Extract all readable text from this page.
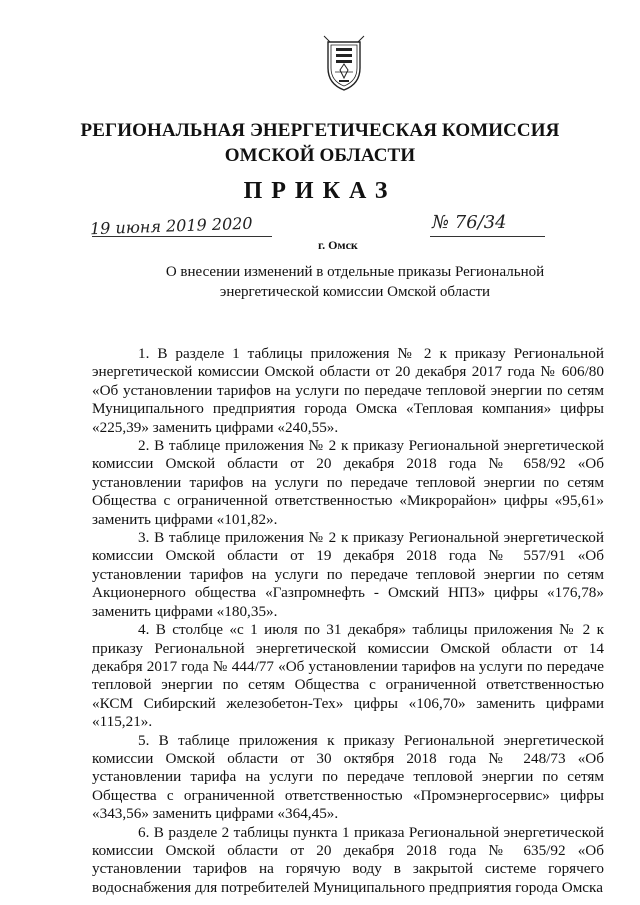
РЕГИОНАЛЬНАЯ ЭНЕРГЕТИЧЕСКАЯ КОМИССИЯ
ОМСКОЙ ОБЛАСТИ
ПРИКАЗ
19 июня 2019 2020	№ 76/34
г. Омск
О внесении изменений в отдельные приказы Региональной
энергетической комиссии Омской области

1. В разделе 1 таблицы приложения № 2 к приказу Региональной энергетической комиссии Омской области от 20 декабря 2017 года № 606/80 «Об установлении тарифов на услуги по передаче тепловой энергии по сетям Муниципального предприятия города Омска «Тепловая компания» цифры «225,39» заменить цифрами «240,55».

2. В таблице приложения № 2 к приказу Региональной энергетической комиссии Омской области от 20 декабря 2018 года № 658/92 «Об установлении тарифов на услуги по передаче тепловой энергии по сетям Общества с ограниченной ответственностью «Микрорайон» цифры «95,61» заменить цифрами «101,82».

3. В таблице приложения № 2 к приказу Региональной энергетической комиссии Омской области от 19 декабря 2018 года № 557/91 «Об установлении тарифов на услуги по передаче тепловой энергии по сетям Акционерного общества «Газпромнефть - Омский НПЗ» цифры «176,78» заменить цифрами «180,35».

4. В столбце «с 1 июля по 31 декабря» таблицы приложения № 2 к приказу Региональной энергетической комиссии Омской области от 14 декабря 2017 года № 444/77 «Об установлении тарифов на услуги по передаче тепловой энергии по сетям Общества с ограниченной ответственностью «КСМ Сибирский железобетон-Тех» цифры «106,70» заменить цифрами «115,21».

5. В таблице приложения к приказу Региональной энергетической комиссии Омской области от 30 октября 2018 года № 248/73 «Об установлении тарифа на услуги по передаче тепловой энергии по сетям Общества с ограниченной ответственностью «Промэнергосервис» цифры «343,56» заменить цифрами «364,45».

6. В разделе 2 таблицы пункта 1 приказа Региональной энергетической комиссии Омской области от 20 декабря 2018 года № 635/92 «Об установлении тарифов на горячую воду в закрытой системе горячего водоснабжения для потребителей Муниципального предприятия города Омска
